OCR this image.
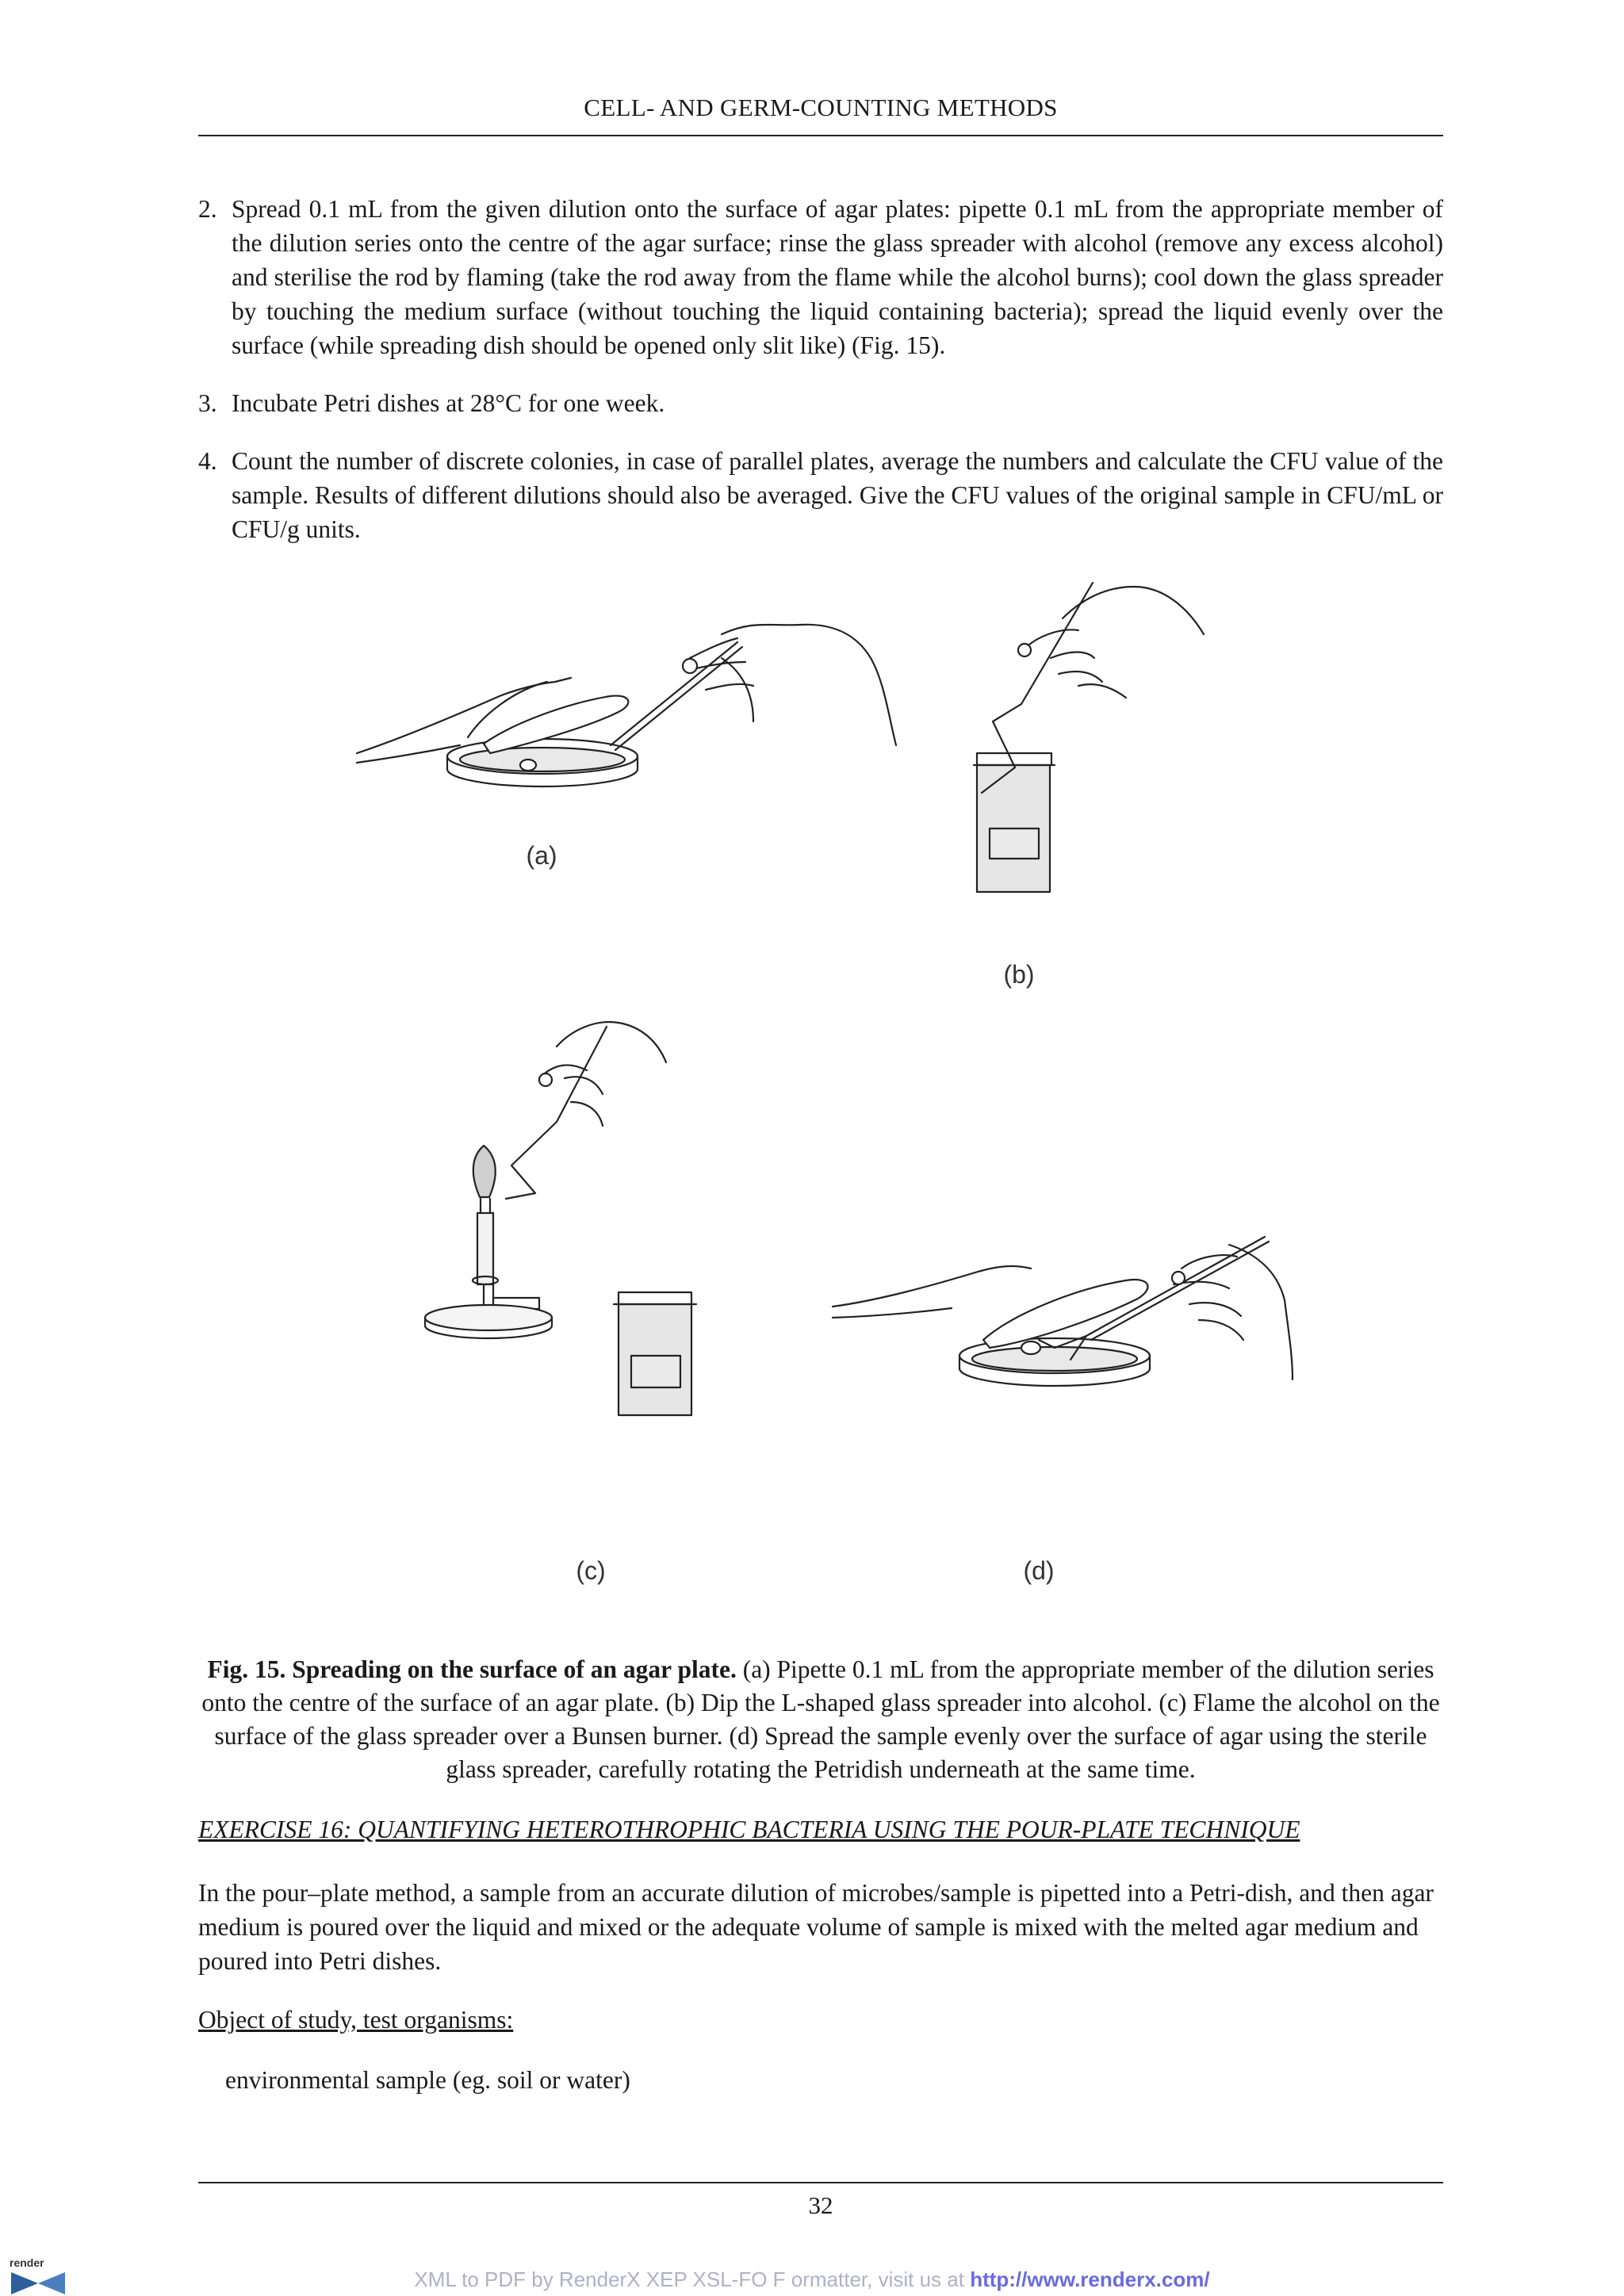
CELL- AND GERM-COUNTING METHODS
2. Spread 0.1 mL from the given dilution onto the surface of agar plates: pipette 0.1 mL from the appropriate member of the dilution series onto the centre of the agar surface; rinse the glass spreader with alcohol (remove any excess alcohol) and sterilise the rod by flaming (take the rod away from the flame while the alcohol burns); cool down the glass spreader by touching the medium surface (without touching the liquid containing bacteria); spread the liquid evenly over the surface (while spreading dish should be opened only slit like) (Fig. 15).
3. Incubate Petri dishes at 28°C for one week.
4. Count the number of discrete colonies, in case of parallel plates, average the numbers and calculate the CFU value of the sample. Results of different dilutions should also be averaged. Give the CFU values of the original sample in CFU/mL or CFU/g units.
(a)
(b)
(c)	(d)
Fig. 15. Spreading on the surface of an agar plate. (a) Pipette 0.1 mL from the appropriate member of the dilution series onto the centre of the surface of an agar plate. (b) Dip the L-shaped glass spreader into alcohol. (c) Flame the alcohol on the surface of the glass spreader over a Bunsen burner. (d) Spread the sample evenly over the surface of agar using the sterile glass spreader, carefully rotating the Petridish underneath at the same time.
EXERCISE 16: QUANTIFYING HETEROTHROPHIC BACTERIA USING THE POUR-PLATE TECHNIQUE
In the pour–plate method, a sample from an accurate dilution of microbes/sample is pipetted into a Petri-dish, and then agar medium is poured over the liquid and mixed or the adequate volume of sample is mixed with the melted agar medium and poured into Petri dishes.
Object of study, test organisms:
environmental sample (eg. soil or water)
32
render
XML to PDF by RenderX XEP XSL-FO F ormatter, visit us at http://www.renderx.com/
